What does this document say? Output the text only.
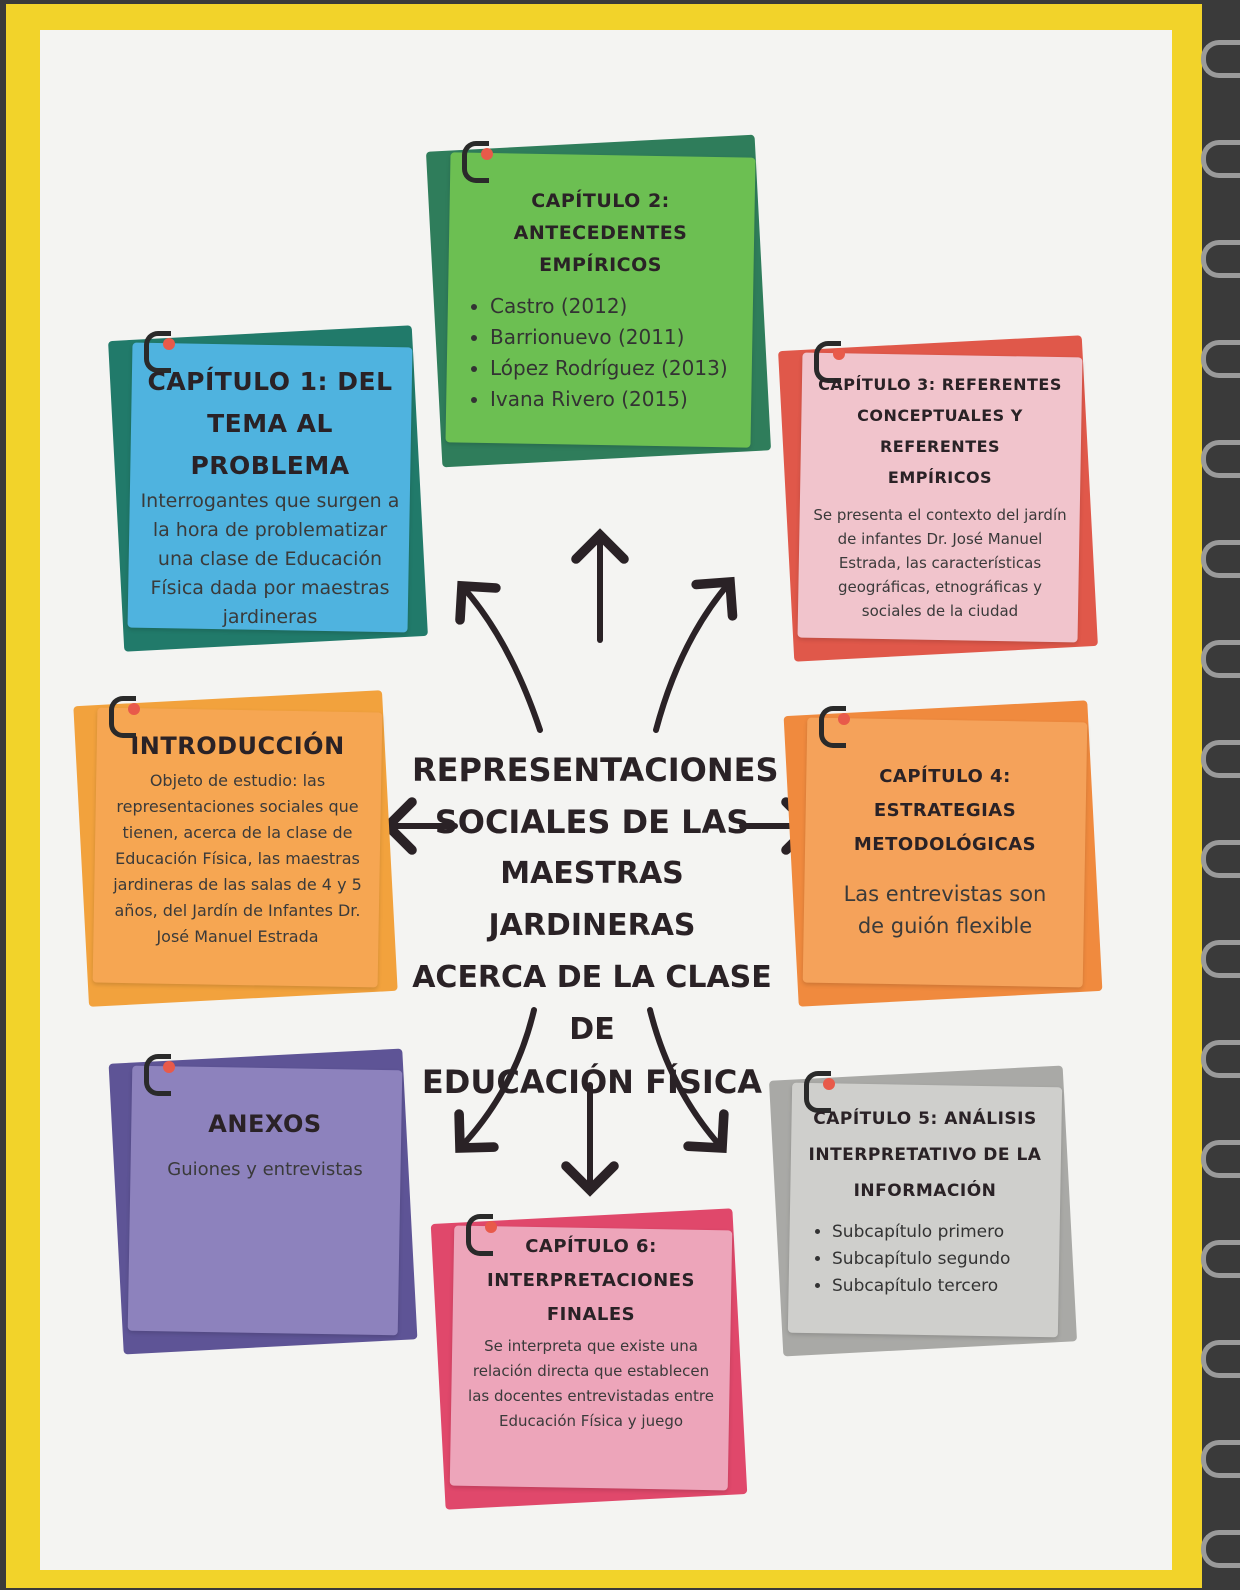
REPRESENTACIONES
SOCIALES DE LAS
MAESTRAS JARDINERAS
ACERCA DE LA CLASE DE
EDUCACIÓN FÍSICA
CAPÍTULO 2: ANTECEDENTES
EMPÍRICOS
• Castro (2012)
• Barrionuevo (2011)
• López Rodríguez (2013)
• Ivana Rivero (2015)
CAPÍTULO 1: DEL
TEMA AL PROBLEMA
Interrogantes que surgen a la hora de problematizar una clase de Educación Física dada por maestras jardineras
CAPÍTULO 3: REFERENTES
CONCEPTUALES Y REFERENTES
EMPÍRICOS
Se presenta el contexto del jardín de infantes Dr. José Manuel Estrada, las características geográficas, etnográficas y sociales de la ciudad
INTRODUCCIÓN
Objeto de estudio: las representaciones sociales que tienen, acerca de la clase de Educación Física, las maestras jardineras de las salas de 4 y 5 años, del Jardín de Infantes Dr. José Manuel Estrada
CAPÍTULO 4: ESTRATEGIAS
METODOLÓGICAS
Las entrevistas son de guión flexible
ANEXOS
Guiones y entrevistas
CAPÍTULO 5: ANÁLISIS
INTERPRETATIVO DE LA
INFORMACIÓN
• Subcapítulo primero
• Subcapítulo segundo
• Subcapítulo tercero
CAPÍTULO 6:
INTERPRETACIONES
FINALES
Se interpreta que existe una relación directa que establecen las docentes entrevistadas entre Educación Física y juego
